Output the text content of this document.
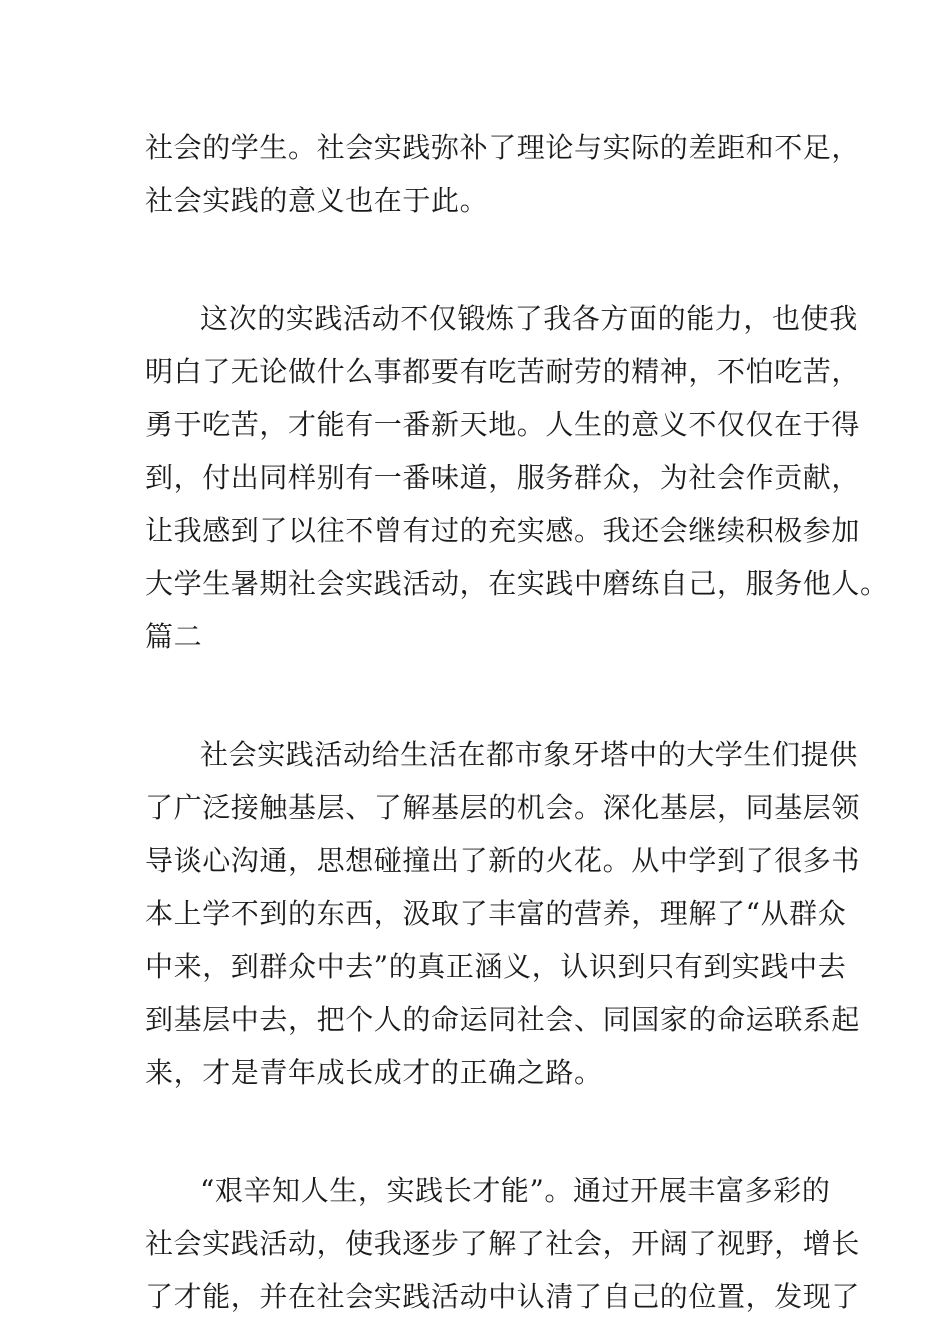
社会的学生。社会实践弥补了理论与实际的差距和不足，
社会实践的意义也在于此。
这次的实践活动不仅锻炼了我各方面的能力，也使我
明白了无论做什么事都要有吃苦耐劳的精神，不怕吃苦，
勇于吃苦，才能有一番新天地。人生的意义不仅仅在于得
到，付出同样别有一番味道，服务群众，为社会作贡献，
让我感到了以往不曾有过的充实感。我还会继续积极参加
大学生暑期社会实践活动，在实践中磨练自己，服务他人。
篇二
社会实践活动给生活在都市象牙塔中的大学生们提供
了广泛接触基层、了解基层的机会。深化基层，同基层领
导谈心沟通，思想碰撞出了新的火花。从中学到了很多书
本上学不到的东西，汲取了丰富的营养，理解了“从群众
中来，到群众中去”的真正涵义，认识到只有到实践中去
到基层中去，把个人的命运同社会、同国家的命运联系起
来，才是青年成长成才的正确之路。
“艰辛知人生，实践长才能”。通过开展丰富多彩的
社会实践活动，使我逐步了解了社会，开阔了视野，增长
了才能，并在社会实践活动中认清了自己的位置，发现了
